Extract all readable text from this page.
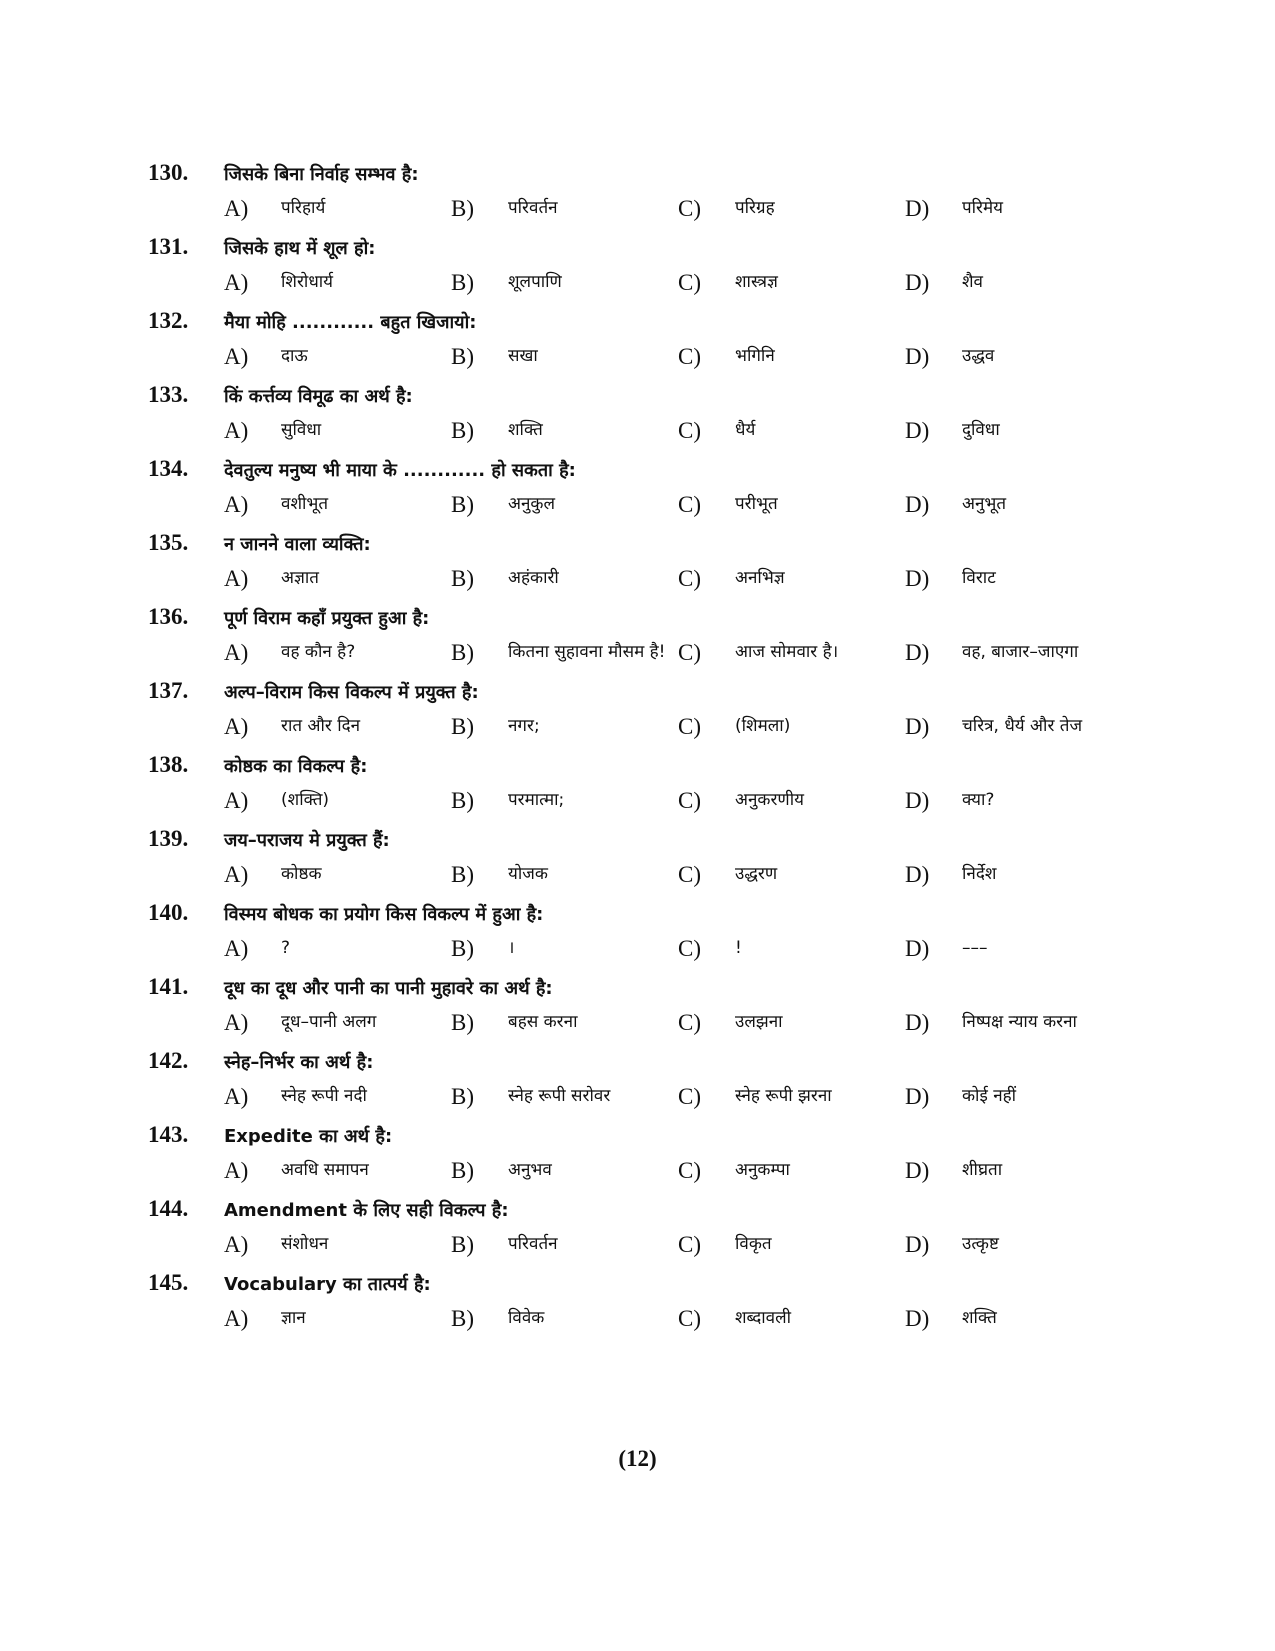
130.	जिसके बिना निर्वाह सम्भव है:
A)	परिहार्य	B)	परिवर्तन	C)	परिग्रह	D)	परिमेय
131.	जिसके हाथ में शूल हो:
A)	शिरोधार्य	B)	शूलपाणि	C)	शास्त्रज्ञ	D)	शैव
132.	मैया मोहि ............ बहुत खिजायो:
A)	दाऊ	B)	सखा	C)	भगिनि	D)	उद्धव
133.	किं कर्त्तव्य विमूढ का अर्थ है:
A)	सुविधा	B)	शक्ति	C)	धैर्य	D)	दुविधा
134.	देवतुल्य मनुष्य भी माया के ............ हो सकता है:
A)	वशीभूत	B)	अनुकुल	C)	परीभूत	D)	अनुभूत
135.	न जानने वाला व्यक्ति:
A)	अज्ञात	B)	अहंकारी	C)	अनभिज्ञ	D)	विराट
136.	पूर्ण विराम कहाँ प्रयुक्त हुआ है:
A)	वह कौन है?	B)	कितना सुहावना मौसम है! C)	आज सोमवार है।	D)	वह, बाजार–जाएगा
137.	अल्प–विराम किस विकल्प में प्रयुक्त है:
A)	रात और दिन	B)	नगर;	C)	(शिमला)	D)	चरित्र, धैर्य और तेज
138.	कोष्ठक का विकल्प है:
A)	(शक्ति)	B)	परमात्मा;	C)	अनुकरणीय	D)	क्या?
139.	जय–पराजय मे प्रयुक्त हैं:
A)	कोष्ठक	B)	योजक	C)	उद्धरण	D)	निर्देश
140.	विस्मय बोधक का प्रयोग किस विकल्प में हुआ है:
A)	?	B)	।	C)	!	D)	–––
141.	दूध का दूध और पानी का पानी मुहावरे का अर्थ है:
A)	दूध–पानी अलग	B)	बहस करना	C)	उलझना	D)	निष्पक्ष न्याय करना
142.	स्नेह–निर्भर का अर्थ है:
A)	स्नेह रूपी नदी	B)	स्नेह रूपी सरोवर	C)	स्नेह रूपी झरना	D)	कोई नहीं
143.	Expedite का अर्थ है:
A)	अवधि समापन	B)	अनुभव	C)	अनुकम्पा	D)	शीघ्रता
144.	Amendment के लिए सही विकल्प है:
A)	संशोधन	B)	परिवर्तन	C)	विकृत	D)	उत्कृष्ट
145.	Vocabulary का तात्पर्य है:
A)	ज्ञान	B)	विवेक	C)	शब्दावली	D)	शक्ति
(12)
